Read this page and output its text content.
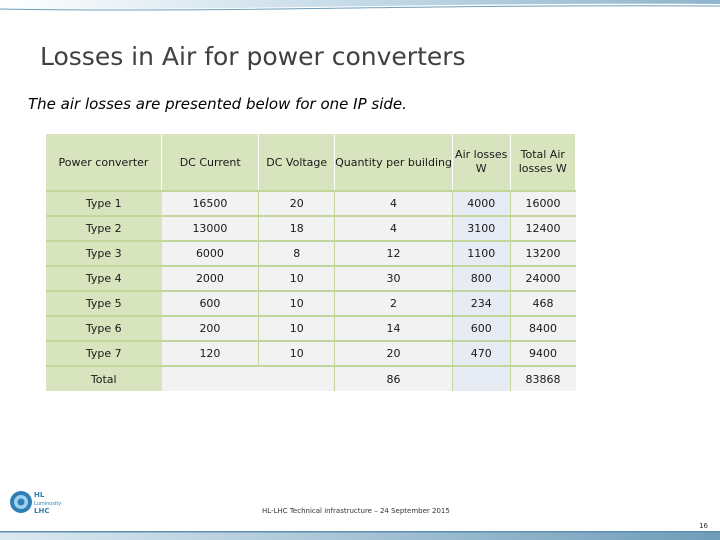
Losses in Air for power converters
The air losses are presented below for one IP side.
Power converter	DC Current	DC Voltage	Quantity per building	Air losses W	Total Air losses W
Type 1	16500	20	4	4000	16000
Type 2	13000	18	4	3100	12400
Type 3	6000	8	12	1100	13200
Type 4	2000	10	30	800	24000
Type 5	600	10	2	234	468
Type 6	200	10	14	600	8400
Type 7	120	10	20	470	9400
Total			86		83868
HL
Luminosity
LHC	HL-LHC Technical infrastructure – 24 September 2015
16
